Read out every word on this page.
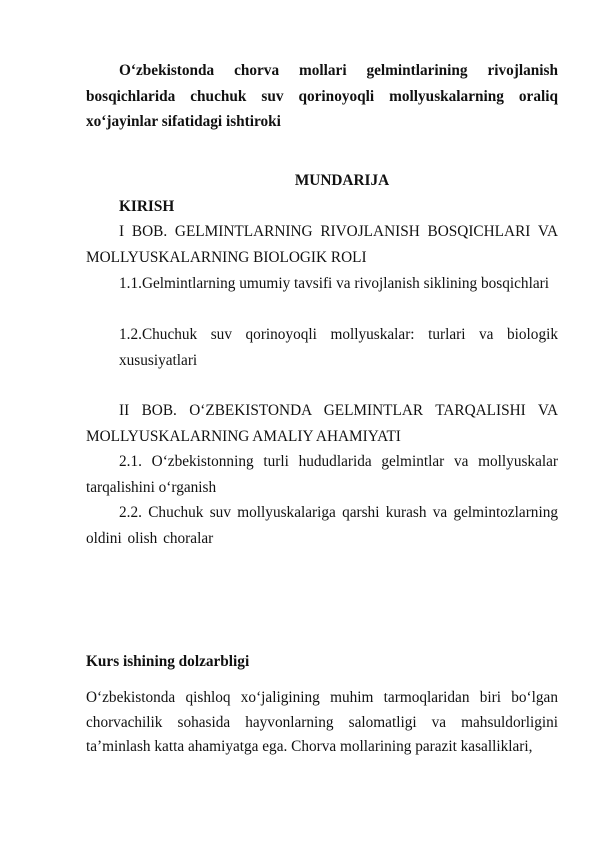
O‘zbekistonda chorva mollari gelmintlarining rivojlanish bosqichlarida chuchuk suv qorinoyoqli mollyuskalarning oraliq xo‘jayinlar sifatidagi ishtiroki
MUNDARIJA
KIRISH
I BOB. GELMINTLARNING RIVOJLANISH BOSQICHLARI VA MOLLYUSKALARNING BIOLOGIK ROLI
1.1.Gelmintlarning umumiy tavsifi va rivojlanish siklining bosqichlari
1.2.Chuchuk suv qorinoyoqli mollyuskalar: turlari va biologik xususiyatlari
II BOB. O‘ZBEKISTONDA GELMINTLAR TARQALISHI VA MOLLYUSKALARNING AMALIY AHAMIYATI
2.1. O‘zbekistonning turli hududlarida gelmintlar va mollyuskalar tarqalishini o‘rganish
2.2. Chuchuk suv mollyuskalariga qarshi kurash va gelmintozlarning oldini olish choralar
Kurs ishining dolzarbligi
O‘zbekistonda qishloq xo‘jaligining muhim tarmoqlaridan biri bo‘lgan chorvachilik sohasida hayvonlarning salomatligi va mahsuldorligini ta’minlash katta ahamiyatga ega. Chorva mollarining parazit kasalliklari,
